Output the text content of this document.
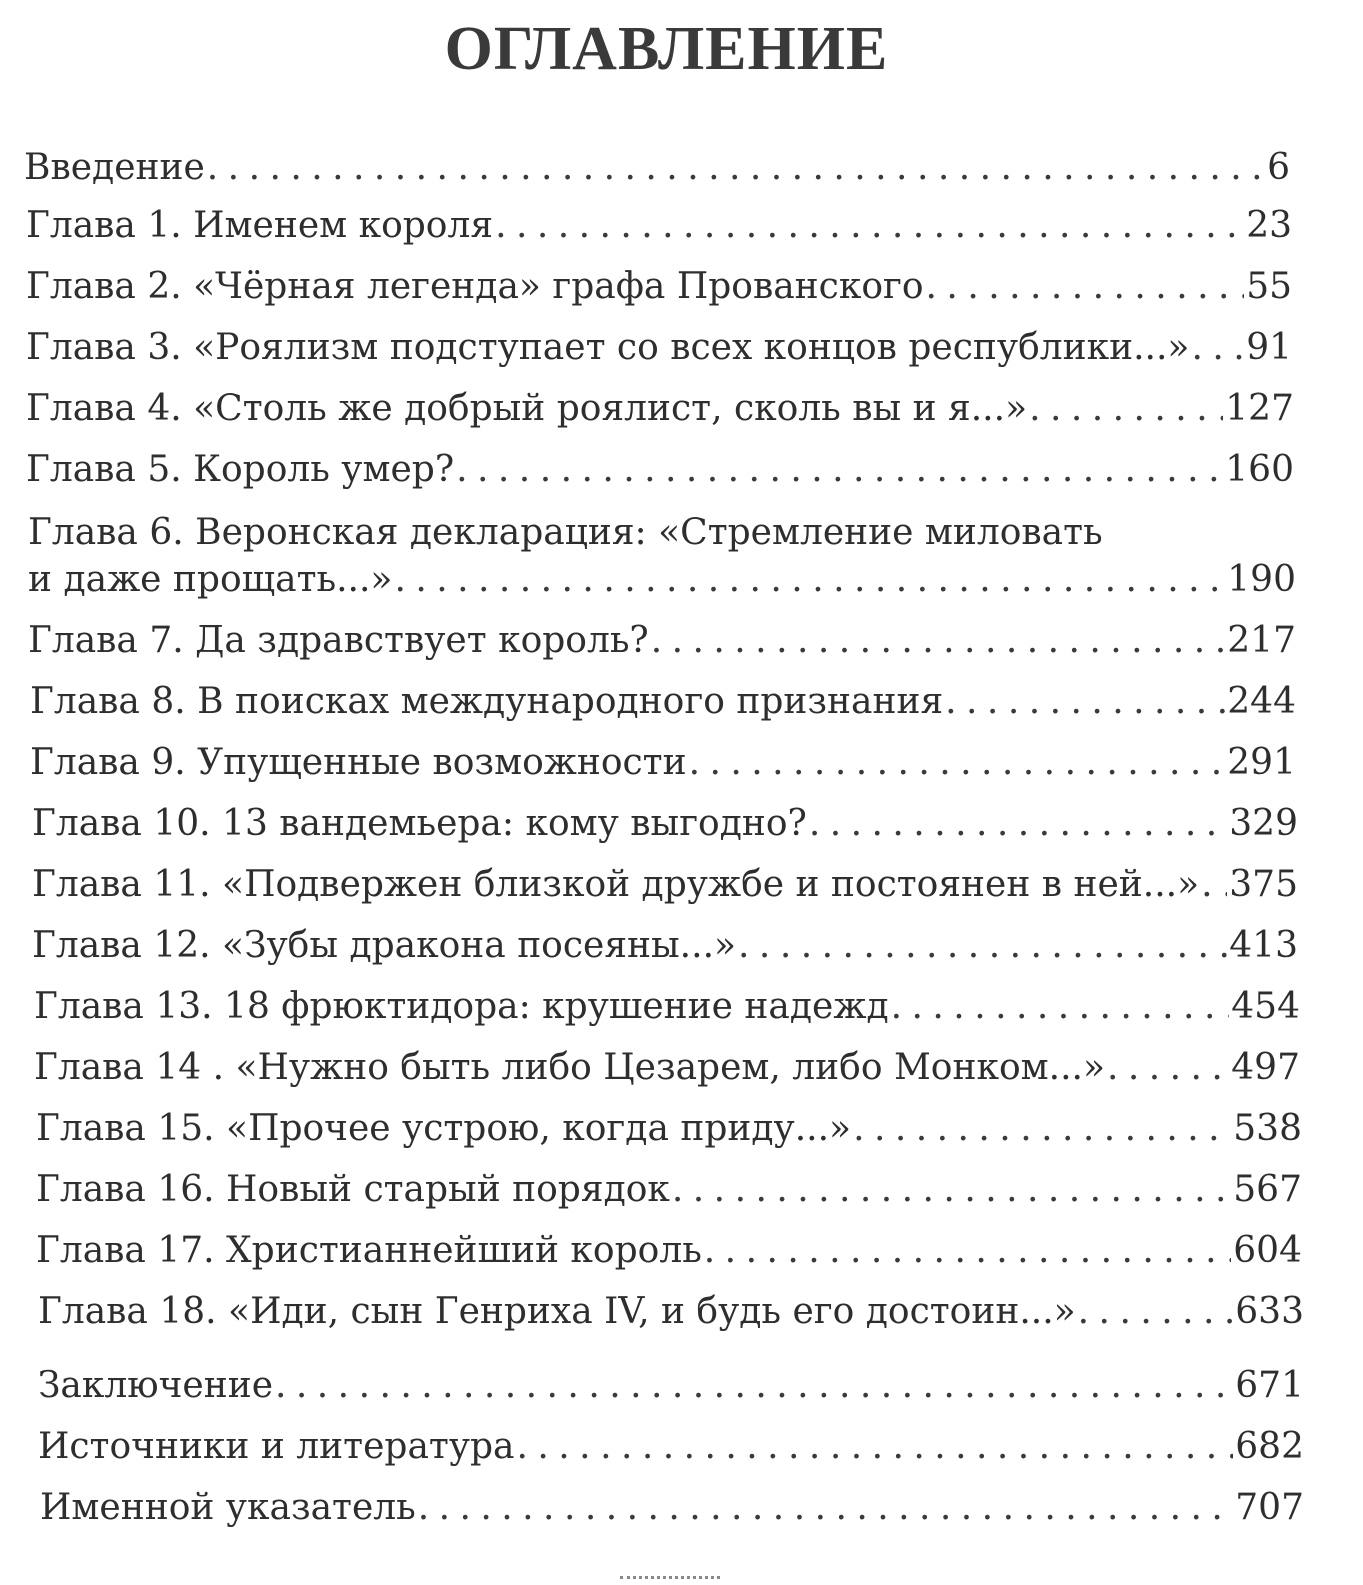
ОГЛАВЛЕНИЕ
Введение . . .	6
Глава 1. Именем короля . . .	23
Глава 2. «Чёрная легенда» графа Прованского . . .	55
Глава 3. «Роялизм подступает со всех концов республики...» . . . 91
Глава 4. «Столь же добрый роялист, сколь вы и я...» . . .	127
Глава 5. Король умер? . . .	160
Глава 6. Веронская декларация: «Стремление миловать
и даже прощать...» . . .	190
Глава 7. Да здравствует король? . . .	217
Глава 8. В поисках международного признания . . .	244
Глава 9. Упущенные возможности . . .	291
Глава 10. 13 вандемьера: кому выгодно? . . .	329
Глава 11. «Подвержен близкой дружбе и постоянен в ней...» . . . 375
Глава 12. «Зубы дракона посеяны...» . . .	413
Глава 13. 18 фрюктидора: крушение надежд . . .	454
Глава 14 . «Нужно быть либо Цезарем, либо Монком...» . . .	497
Глава 15. «Прочее устрою, когда приду...» . . .	538
Глава 16. Новый старый порядок . . .	567
Глава 17. Христианнейший король . . .	604
Глава 18. «Иди, сын Генриха IV, и будь его достоин...» . . .	633
Заключение . . .	671
Источники и литература . . .	682
Именной указатель . . .	707
